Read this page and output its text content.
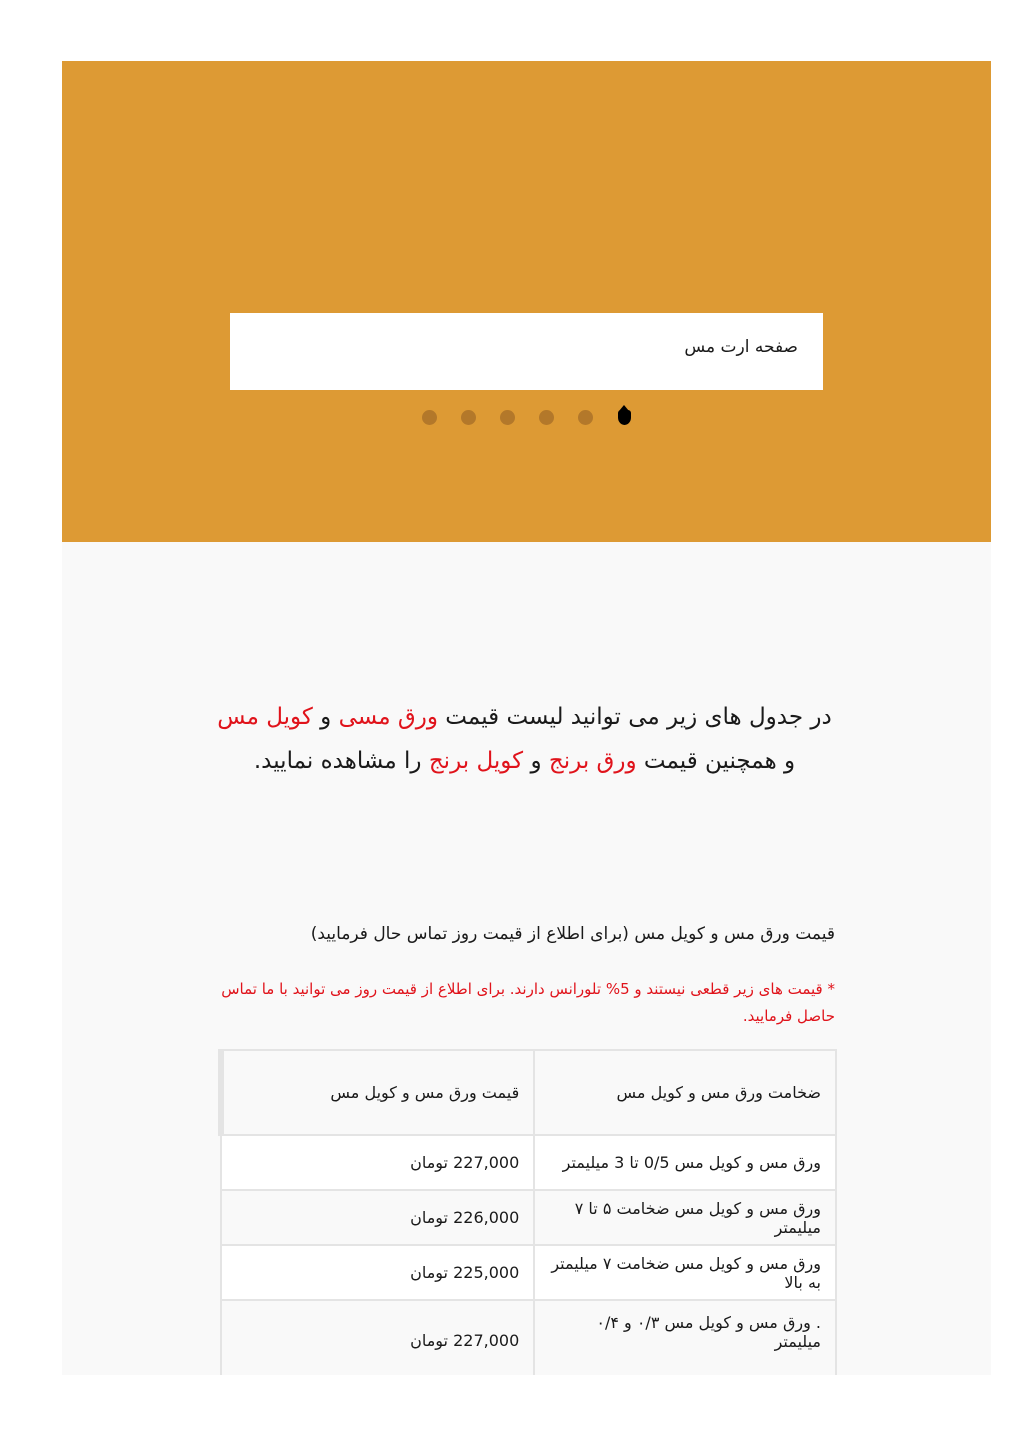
صفحه ارت مس

در جدول های زیر می توانید لیست قیمت ورق مسی و کویل مس و همچنین قیمت ورق برنج و کویل برنج را مشاهده نمایید.

قیمت ورق مس و کویل مس (برای اطلاع از قیمت روز تماس حال فرمایید)

* قیمت های زیر قطعی نیستند و 5% تلورانس دارند. برای اطلاع از قیمت روز می توانید با ما تماس حاصل فرمایید.

ضخامت ورق مس و کویل مس	قیمت ورق مس و کویل مس
ورق مس و کویل مس 0/5 تا 3 میلیمتر	227,000 تومان
ورق مس و کویل مس ضخامت ۵ تا ۷ میلیمتر	226,000 تومان
ورق مس و کویل مس ضخامت ۷ میلیمتر به بالا	225,000 تومان
. ورق مس و کویل مس ۰/۳ و ۰/۴ میلیمتر	227,000 تومان
